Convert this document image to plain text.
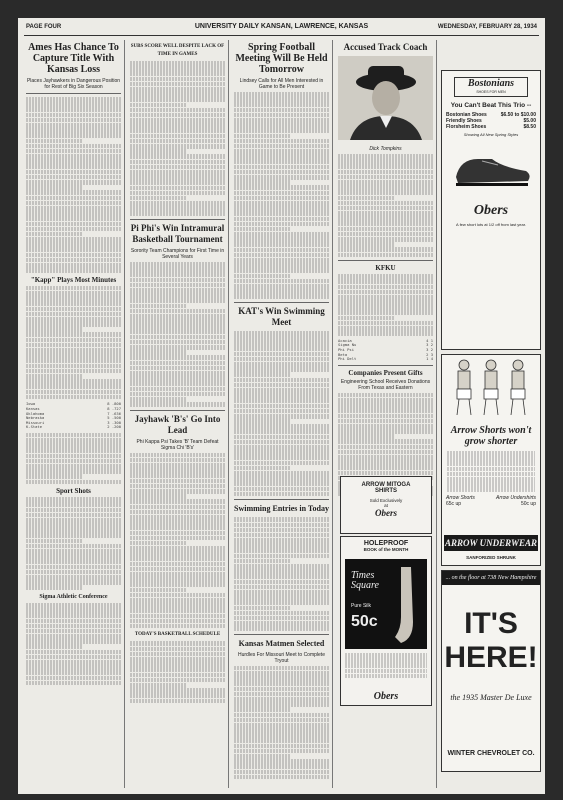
PAGE FOUR	UNIVERSITY DAILY KANSAN, LAWRENCE, KANSAS	WEDNESDAY, FEBRUARY 28, 1934
Ames Has Chance To Capture Title With Kansas Loss
Places Jayhawkers in Dangerous Position for Rest of Big Six Season
"Kapp" Plays Most Minutes
Iowa	8 .800
Kansas	8 .727
Oklahoma	7 .636
Nebraska	5 .500
Missouri	3 .300
K-State	2 .200
Sport Shots
Sigma Athletic Conference
SUBS SCORE WELL DESPITE LACK OF TIME IN GAMES
Pi Phi's Win Intramural Basketball Tournament
Sorority Team Champions for First Time in Several Years
Jayhawk 'B's' Go Into Lead
Phi Kappa Psi Takes 'B' Team Defeat Sigma Chi 'B's'
TODAY'S BASKETBALL SCHEDULE
Spring Football Meeting Will Be Held Tomorrow
Lindsey Calls for All Men Interested in Game to Be Present
KAT's Win Swimming Meet
Swimming Entries in Today
Kansas Matmen Selected
Hurdles For Missouri Meet to Complete Tryout
Accused Track Coach
Dick Tompkins
KFKU
Acacia	4 1
Sigma Nu	3 2
Phi Psi	3 2
Beta	2 3
Phi Delt	1 4
Companies Present Gifts
Engineering School Receives Donations From Texas and Eastern
ARROW MITOGA
SHIRTS
Sold Exclusively
at
Obers
HOLEPROOF
BOOK of the MONTH
Times Square
Pure Silk
50c
Obers
Bostonians
SHOES FOR MEN
You Can't Beat This Trio --
Bostonian Shoes	$6.50 to $10.00
Friendly Shoes	$5.00
Florsheim Shoes	$8.50
Showing All New Spring Styles
Obers
A few short lots at 1/2 off from last year.
Arrow Shorts won't grow shorter
Arrow Shorts	Arrow Undershirts
65c up	50c up
ARROW UNDERWEAR
SANFORIZED SHRUNK
... on the floor at 738 New Hampshire
IT'S HERE!
the 1935 Master De Luxe
WINTER CHEVROLET CO.
